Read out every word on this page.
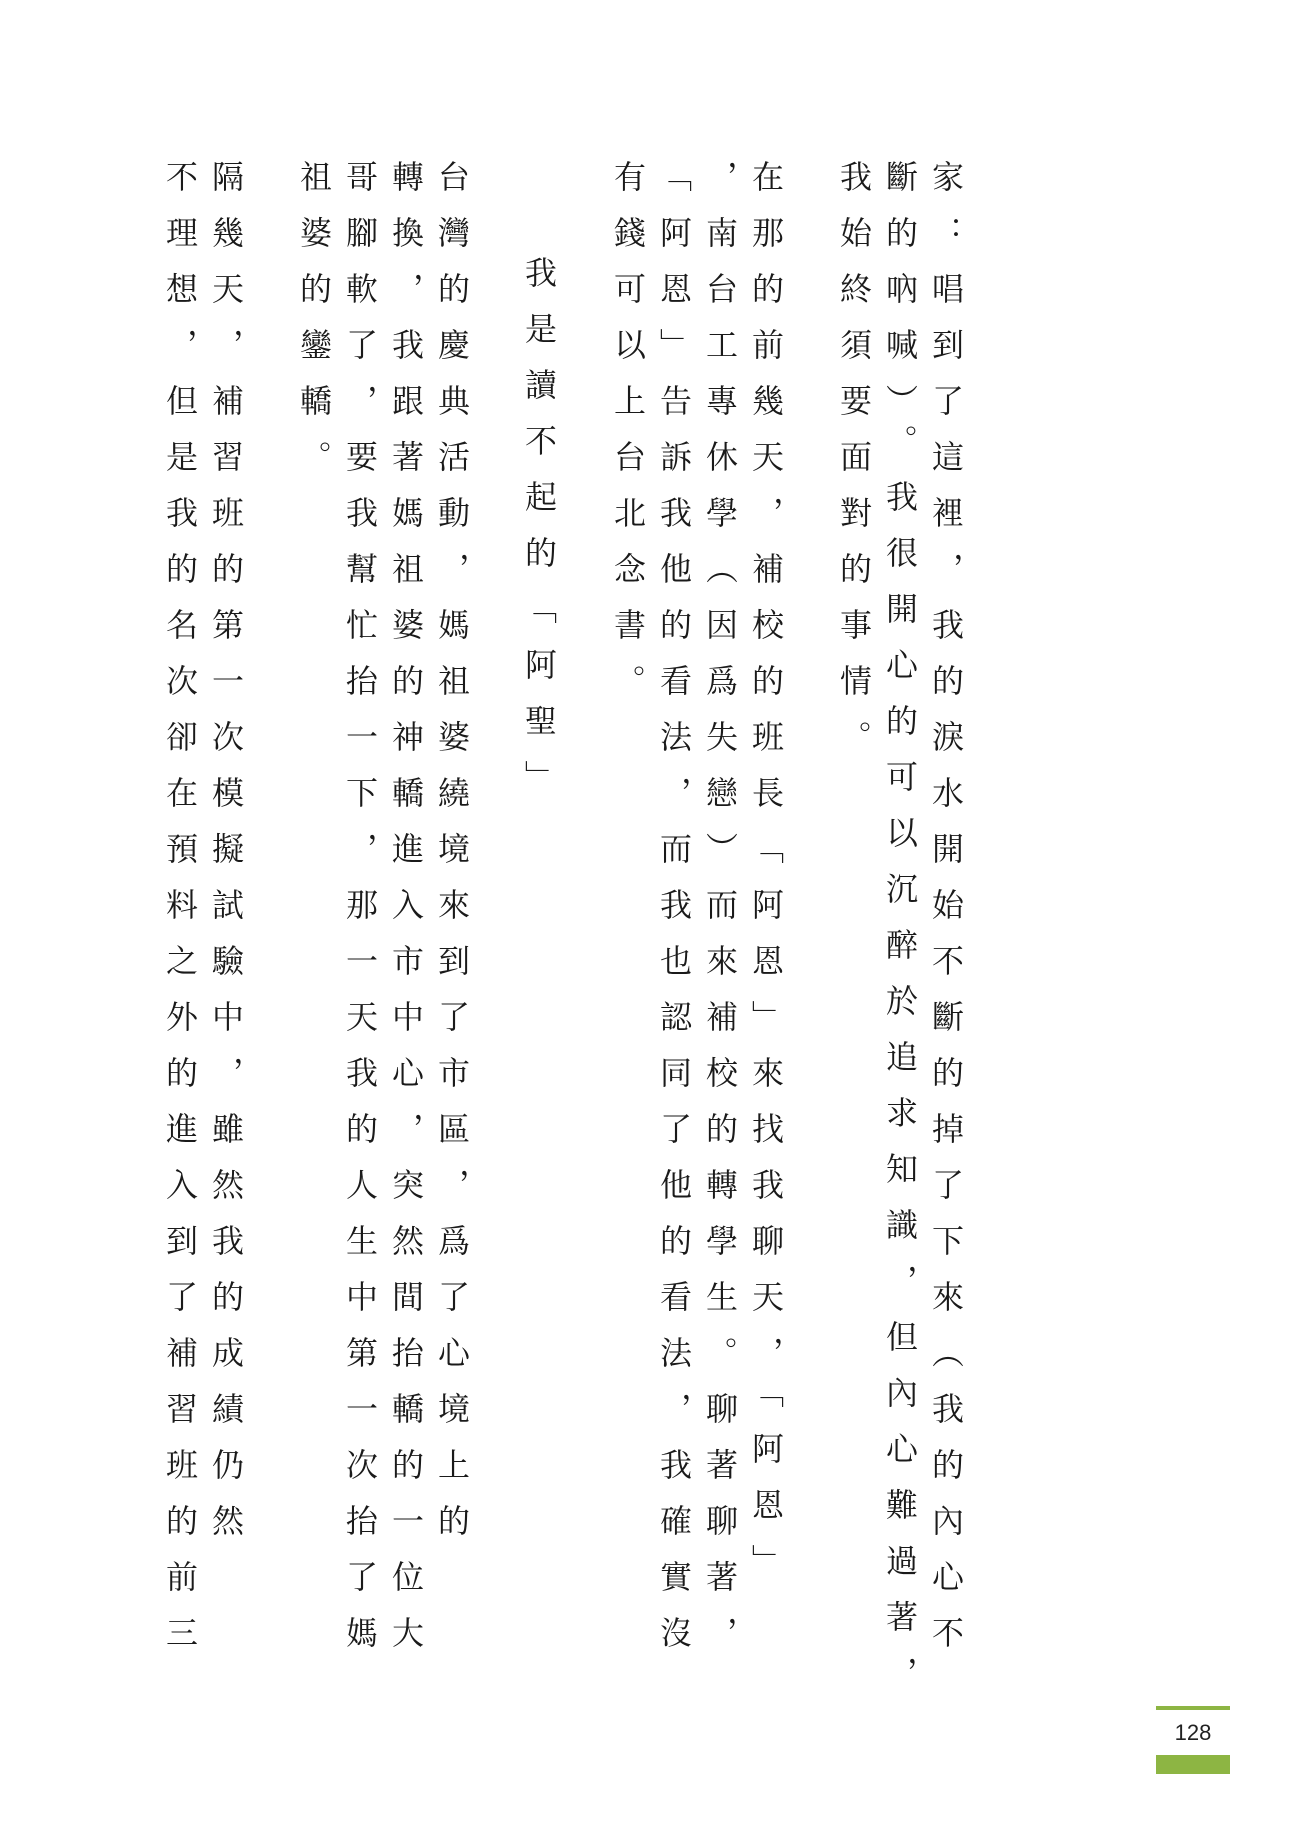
家：唱到了這裡，我的淚水開始不斷的掉了下來（我的內心不
斷的吶喊）。我很開心的可以沉醉於追求知識，但內心難過著，
我始終須要面對的事情。
在那的前幾天，補校的班長「阿恩」來找我聊天，「阿恩」
，南台工專休學（因爲失戀）而來補校的轉學生。聊著聊著，
「阿恩」告訴我他的看法，而我也認同了他的看法，我確實沒
有錢可以上台北念書。
我是讀不起的「阿聖」
台灣的慶典活動，媽祖婆繞境來到了市區，爲了心境上的
轉換，我跟著媽祖婆的神轎進入市中心，突然間抬轎的一位大
哥腳軟了，要我幫忙抬一下，那一天我的人生中第一次抬了媽
祖婆的鑾轎。
隔幾天，補習班的第一次模擬試驗中，雖然我的成績仍然
不理想，但是我的名次卻在預料之外的進入到了補習班的前三
128
